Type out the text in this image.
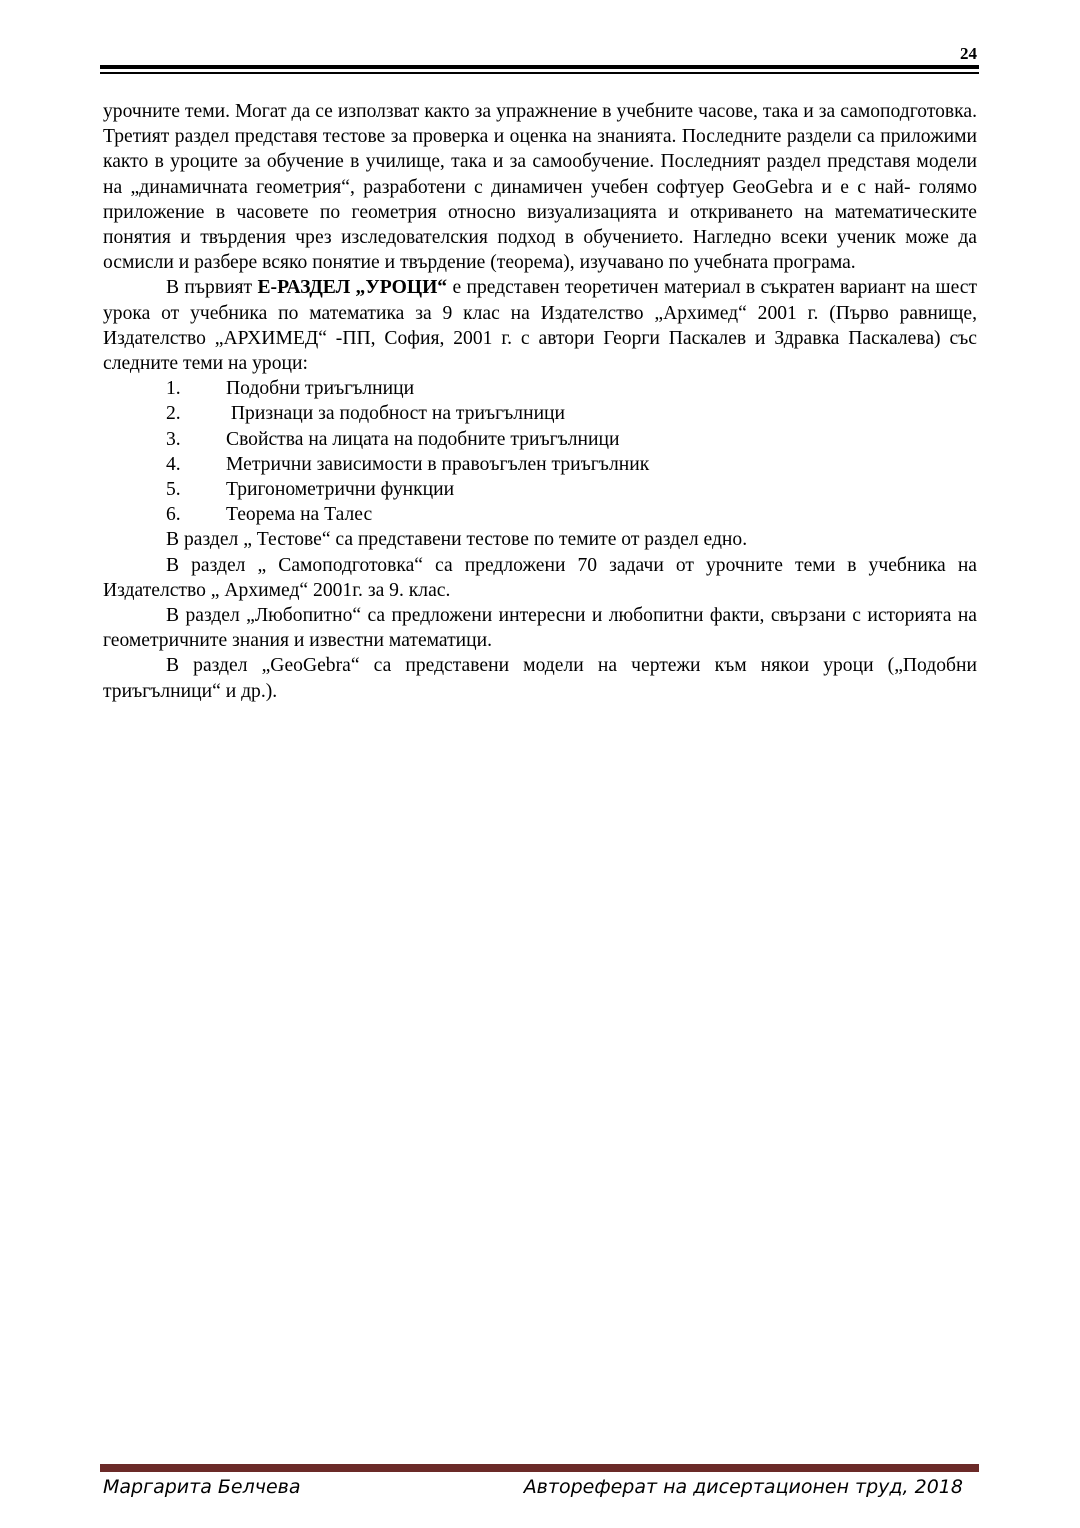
24

урочните теми. Могат да се използват както за упражнение в учебните часове, така и за самоподготовка. Третият раздел представя тестове за проверка и оценка на знанията. Последните раздели са приложими както в уроците за обучение в училище, така и за самообучение. Последният раздел представя модели на „динамичната геометрия“, разработени с динамичен учебен софтуер GeoGebra и е с най- голямо приложение в часовете по геометрия относно визуализацията и откриването на математическите понятия и твърдения чрез изследователския подход в обучението. Нагледно всеки ученик може да осмисли и разбере всяко понятие и твърдение (теорема), изучавано по учебната програма.

В първият Е-РАЗДЕЛ „УРОЦИ“ е представен теоретичен материал в съкратен вариант на шест урока от учебника по математика за 9 клас на Издателство „Архимед“ 2001 г. (Първо равнище, Издателство „АРХИМЕД“ -ПП, София, 2001 г. с автори Георги Паскалев и Здравка Паскалева) със следните теми на уроци:

1.	Подобни триъгълници
2.	Признаци за подобност на триъгълници
3.	Свойства на лицата на подобните триъгълници
4.	Метрични зависимости в правоъгълен триъгълник
5.	Тригонометрични функции
6.	Теорема на Талес

В раздел „ Тестове“ са представени тестове по темите от раздел едно.

В раздел „ Самоподготовка“ са предложени 70 задачи от урочните теми в учебника на Издателство „ Архимед“ 2001г. за 9. клас.

В раздел „Любопитно“ са предложени интересни и любопитни факти, свързани с историята на геометричните знания и известни математици.

В раздел „GeoGebra“ са представени модели на чертежи към някои уроци („Подобни триъгълници“ и др.).

Маргарита Белчева	Автореферат на дисертационен труд, 2018
